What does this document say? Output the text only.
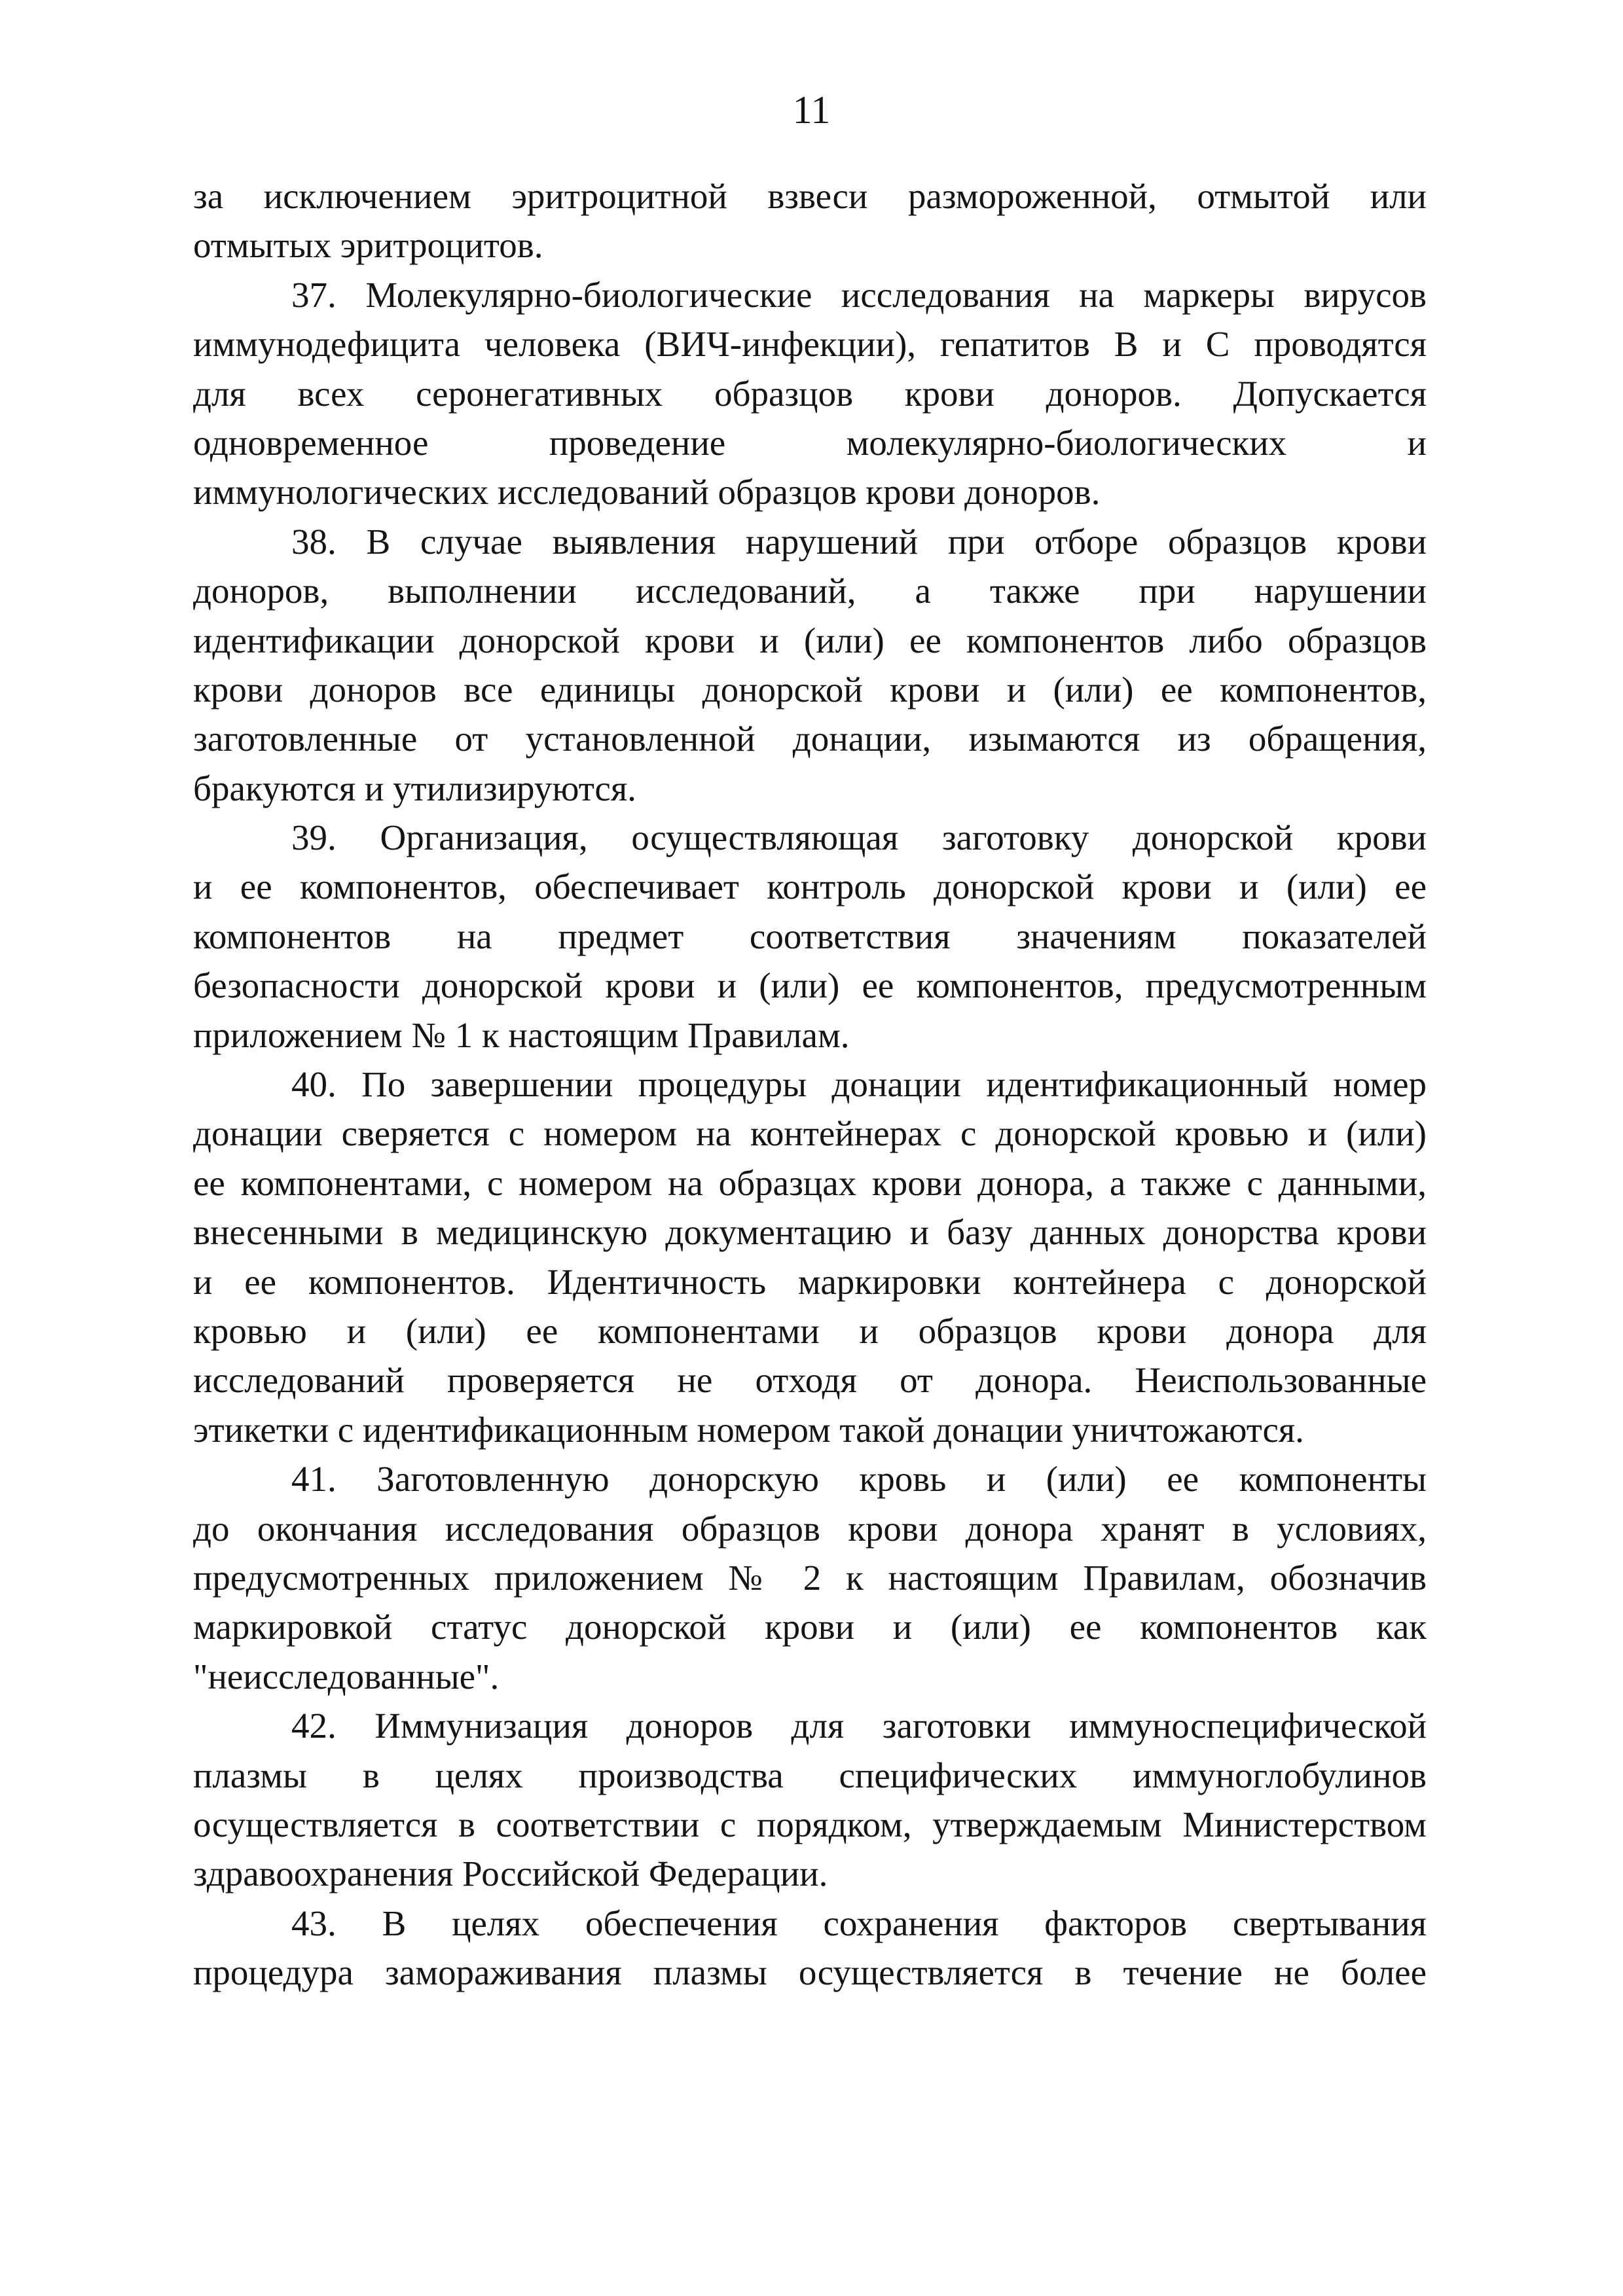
11
за исключением эритроцитной взвеси размороженной, отмытой или
отмытых эритроцитов.
37. Молекулярно-биологические исследования на маркеры вирусов
иммунодефицита человека (ВИЧ-инфекции), гепатитов B и C проводятся
для всех серонегативных образцов крови доноров. Допускается
одновременное проведение молекулярно-биологических и
иммунологических исследований образцов крови доноров.
38. В случае выявления нарушений при отборе образцов крови
доноров, выполнении исследований, а также при нарушении
идентификации донорской крови и (или) ее компонентов либо образцов
крови доноров все единицы донорской крови и (или) ее компонентов,
заготовленные от установленной донации, изымаются из обращения,
бракуются и утилизируются.
39. Организация, осуществляющая заготовку донорской крови
и ее компонентов, обеспечивает контроль донорской крови и (или) ее
компонентов на предмет соответствия значениям показателей
безопасности донорской крови и (или) ее компонентов, предусмотренным
приложением № 1 к настоящим Правилам.
40. По завершении процедуры донации идентификационный номер
донации сверяется с номером на контейнерах с донорской кровью и (или)
ее компонентами, с номером на образцах крови донора, а также с данными,
внесенными в медицинскую документацию и базу данных донорства крови
и ее компонентов. Идентичность маркировки контейнера с донорской
кровью и (или) ее компонентами и образцов крови донора для
исследований проверяется не отходя от донора. Неиспользованные
этикетки с идентификационным номером такой донации уничтожаются.
41. Заготовленную донорскую кровь и (или) ее компоненты
до окончания исследования образцов крови донора хранят в условиях,
предусмотренных приложением № 2 к настоящим Правилам, обозначив
маркировкой статус донорской крови и (или) ее компонентов как
"неисследованные".
42. Иммунизация доноров для заготовки иммуноспецифической
плазмы в целях производства специфических иммуноглобулинов
осуществляется в соответствии с порядком, утверждаемым Министерством
здравоохранения Российской Федерации.
43. В целях обеспечения сохранения факторов свертывания
процедура замораживания плазмы осуществляется в течение не более
